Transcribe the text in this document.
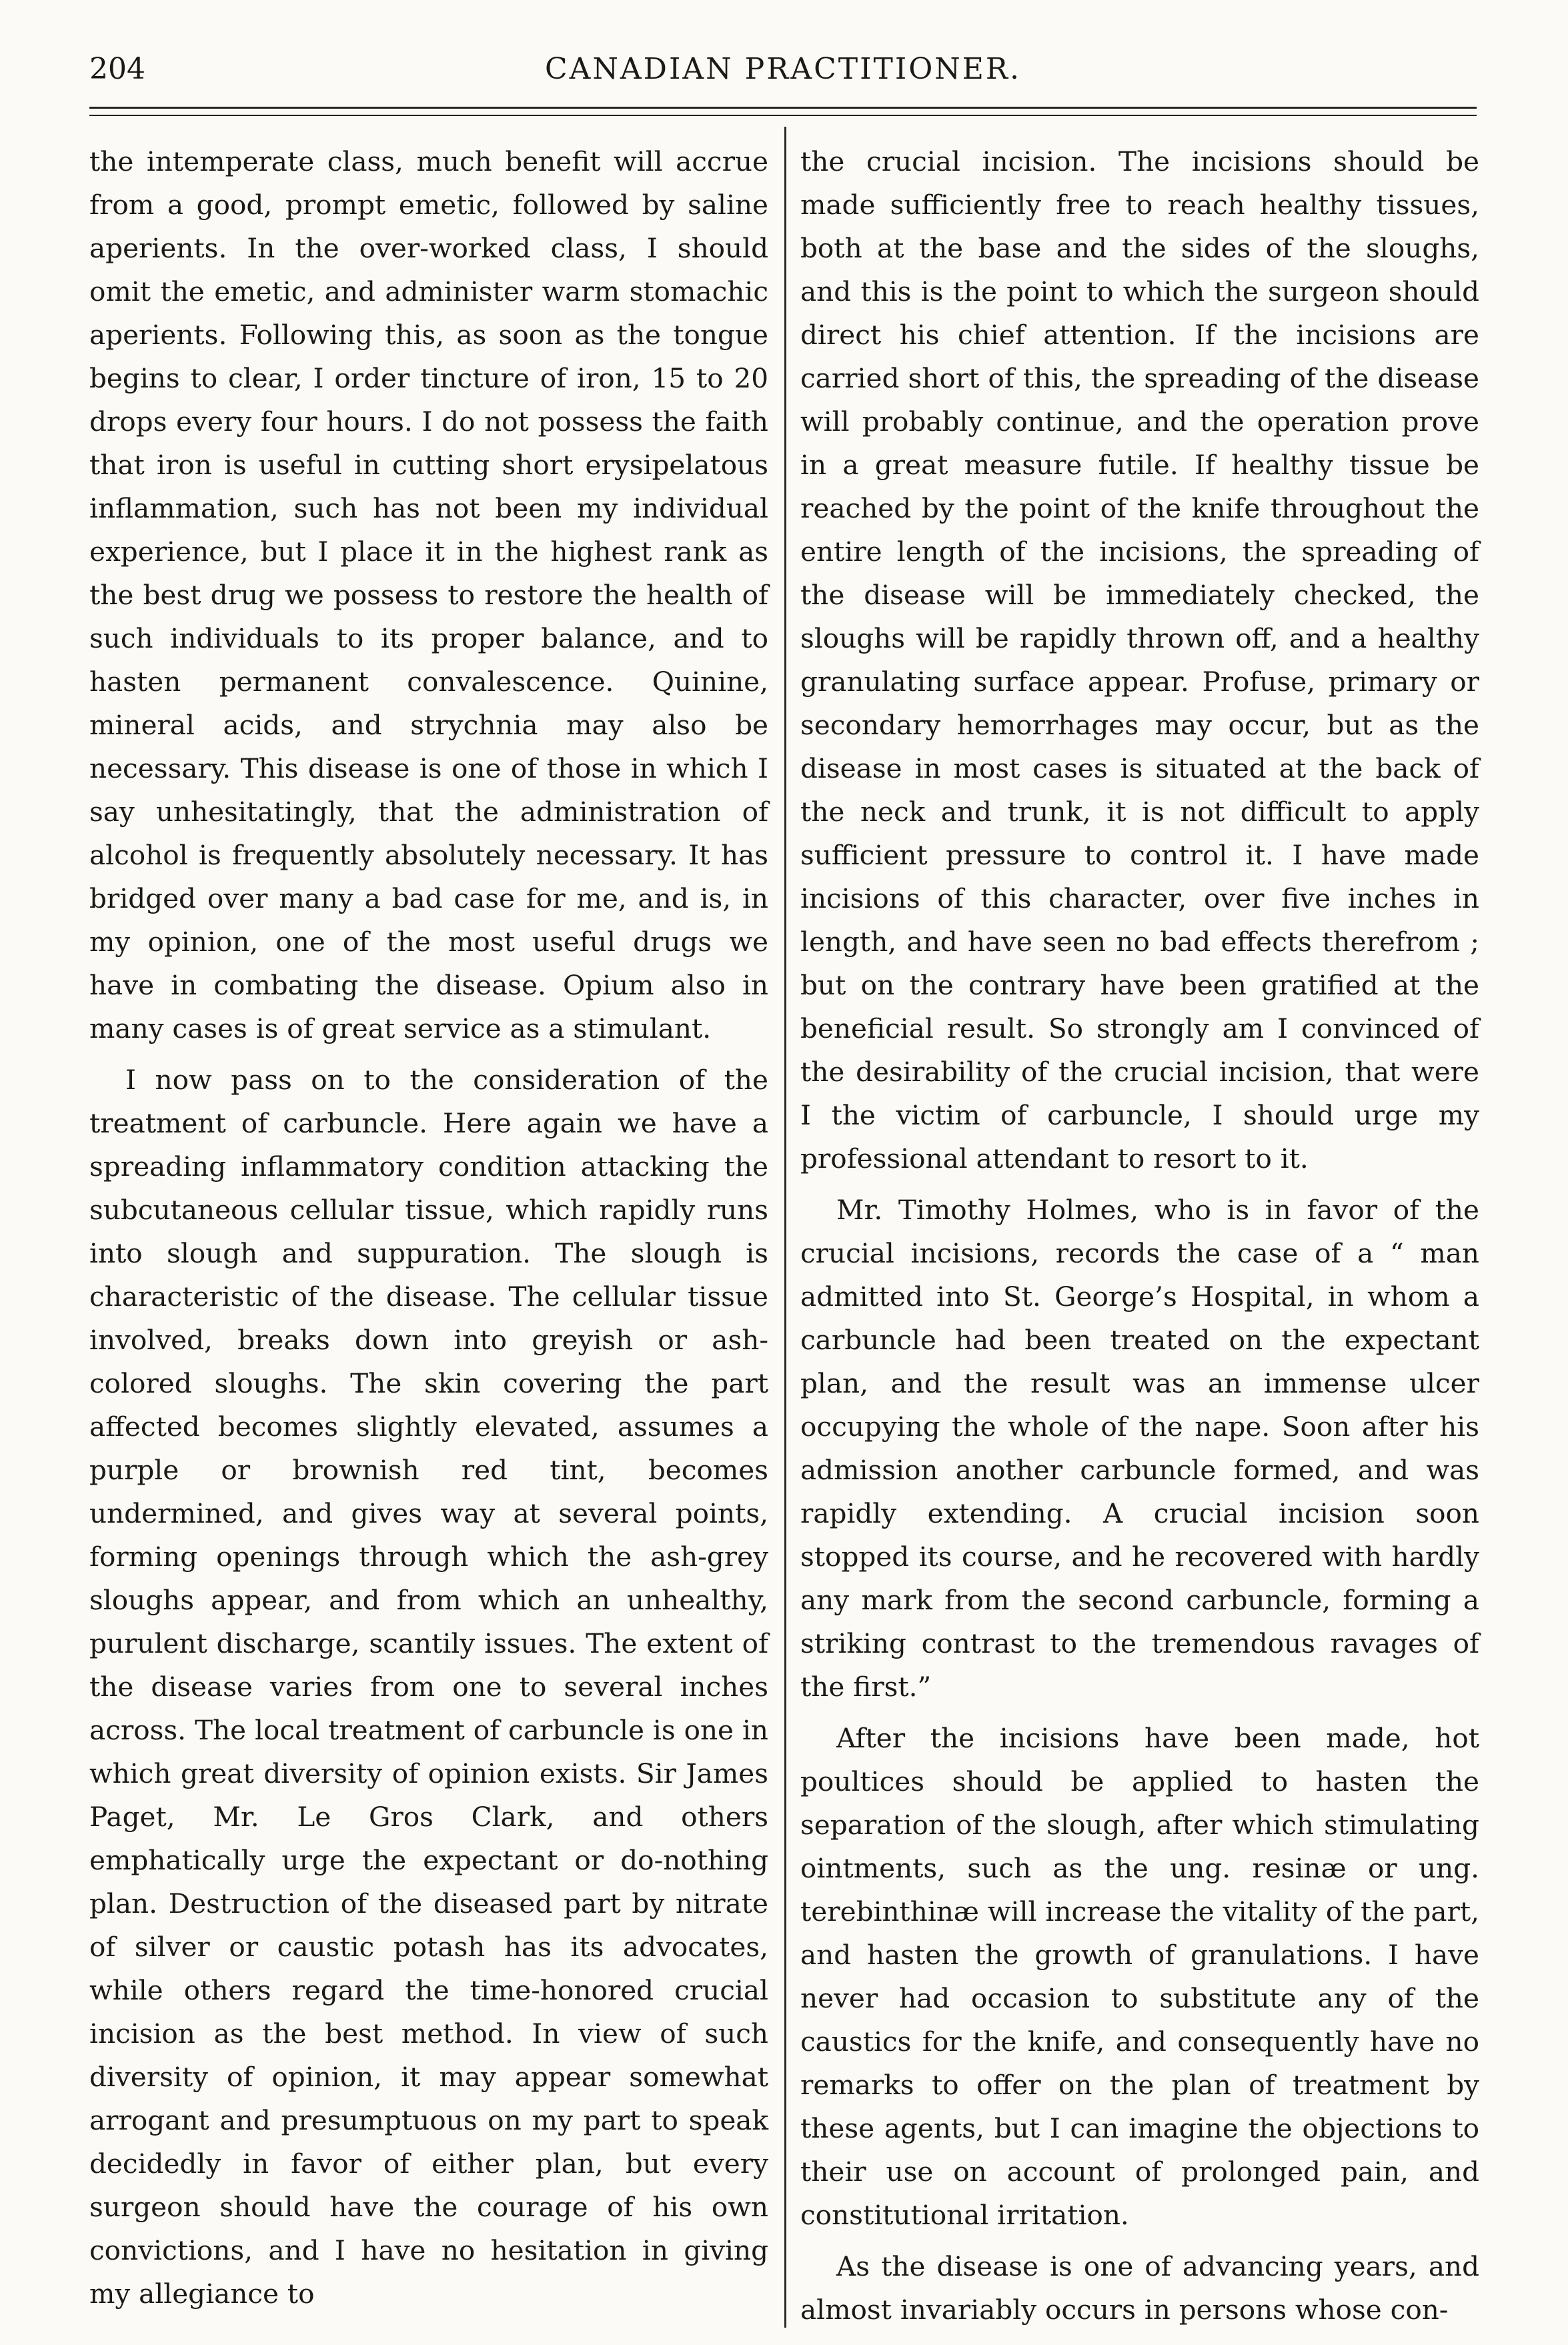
204	CANADIAN PRACTITIONER.

the intemperate class, much benefit will accrue from a good, prompt emetic, followed by saline aperients. In the over-worked class, I should omit the emetic, and administer warm stomachic aperients. Following this, as soon as the tongue begins to clear, I order tincture of iron, 15 to 20 drops every four hours. I do not possess the faith that iron is useful in cutting short erysipelatous inflammation, such has not been my individual experience, but I place it in the highest rank as the best drug we possess to restore the health of such individuals to its proper balance, and to hasten permanent convalescence. Quinine, mineral acids, and strychnia may also be necessary. This disease is one of those in which I say unhesitatingly, that the administration of alcohol is frequently absolutely necessary. It has bridged over many a bad case for me, and is, in my opinion, one of the most useful drugs we have in combating the disease. Opium also in many cases is of great service as a stimulant.

I now pass on to the consideration of the treatment of carbuncle. Here again we have a spreading inflammatory condition attacking the subcutaneous cellular tissue, which rapidly runs into slough and suppuration. The slough is characteristic of the disease. The cellular tissue involved, breaks down into greyish or ash-colored sloughs. The skin covering the part affected becomes slightly elevated, assumes a purple or brownish red tint, becomes undermined, and gives way at several points, forming openings through which the ash-grey sloughs appear, and from which an unhealthy, purulent discharge, scantily issues. The extent of the disease varies from one to several inches across. The local treatment of carbuncle is one in which great diversity of opinion exists. Sir James Paget, Mr. Le Gros Clark, and others emphatically urge the expectant or do-nothing plan. Destruction of the diseased part by nitrate of silver or caustic potash has its advocates, while others regard the time-honored crucial incision as the best method. In view of such diversity of opinion, it may appear somewhat arrogant and presumptuous on my part to speak decidedly in favor of either plan, but every surgeon should have the courage of his own convictions, and I have no hesitation in giving my allegiance to

the crucial incision. The incisions should be made sufficiently free to reach healthy tissues, both at the base and the sides of the sloughs, and this is the point to which the surgeon should direct his chief attention. If the incisions are carried short of this, the spreading of the disease will probably continue, and the operation prove in a great measure futile. If healthy tissue be reached by the point of the knife throughout the entire length of the incisions, the spreading of the disease will be immediately checked, the sloughs will be rapidly thrown off, and a healthy granulating surface appear. Profuse, primary or secondary hemorrhages may occur, but as the disease in most cases is situated at the back of the neck and trunk, it is not difficult to apply sufficient pressure to control it. I have made incisions of this character, over five inches in length, and have seen no bad effects therefrom ; but on the contrary have been gratified at the beneficial result. So strongly am I convinced of the desirability of the crucial incision, that were I the victim of carbuncle, I should urge my professional attendant to resort to it.

Mr. Timothy Holmes, who is in favor of the crucial incisions, records the case of a “ man admitted into St. George’s Hospital, in whom a carbuncle had been treated on the expectant plan, and the result was an immense ulcer occupying the whole of the nape. Soon after his admission another carbuncle formed, and was rapidly extending. A crucial incision soon stopped its course, and he recovered with hardly any mark from the second carbuncle, forming a striking contrast to the tremendous ravages of the first.”

After the incisions have been made, hot poultices should be applied to hasten the separation of the slough, after which stimulating ointments, such as the ung. resinæ or ung. terebinthinæ will increase the vitality of the part, and hasten the growth of granulations. I have never had occasion to substitute any of the caustics for the knife, and consequently have no remarks to offer on the plan of treatment by these agents, but I can imagine the objections to their use on account of prolonged pain, and constitutional irritation.

As the disease is one of advancing years, and almost invariably occurs in persons whose con-
